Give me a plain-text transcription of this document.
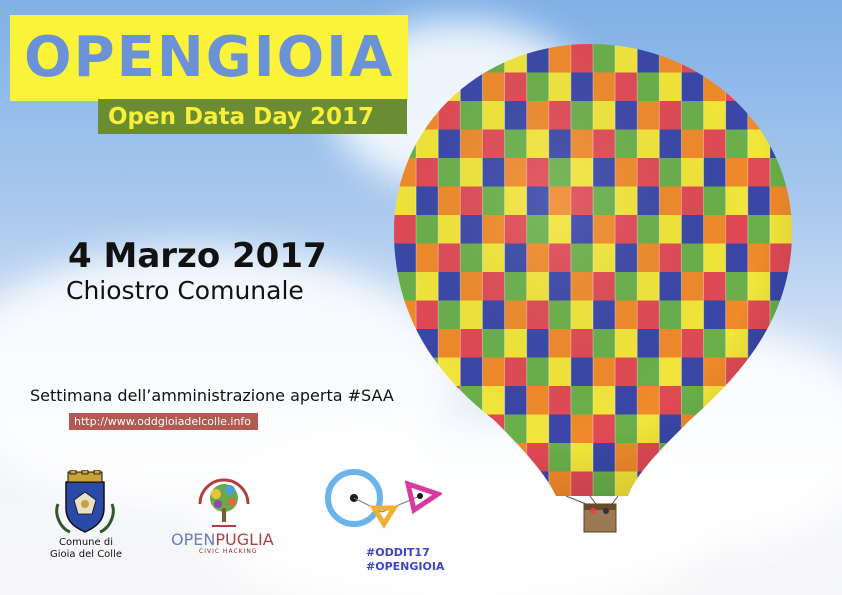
OPENGIOIA
Open Data Day 2017
4 Marzo 2017
Chiostro Comunale
Settimana dell’amministrazione aperta #SAA
http://www.oddgioiadelcolle.info
Comune di
Gioia del Colle
OPENPUGLIA
CIVIC HACKING	#ODDIT17
#OPENGIOIA
